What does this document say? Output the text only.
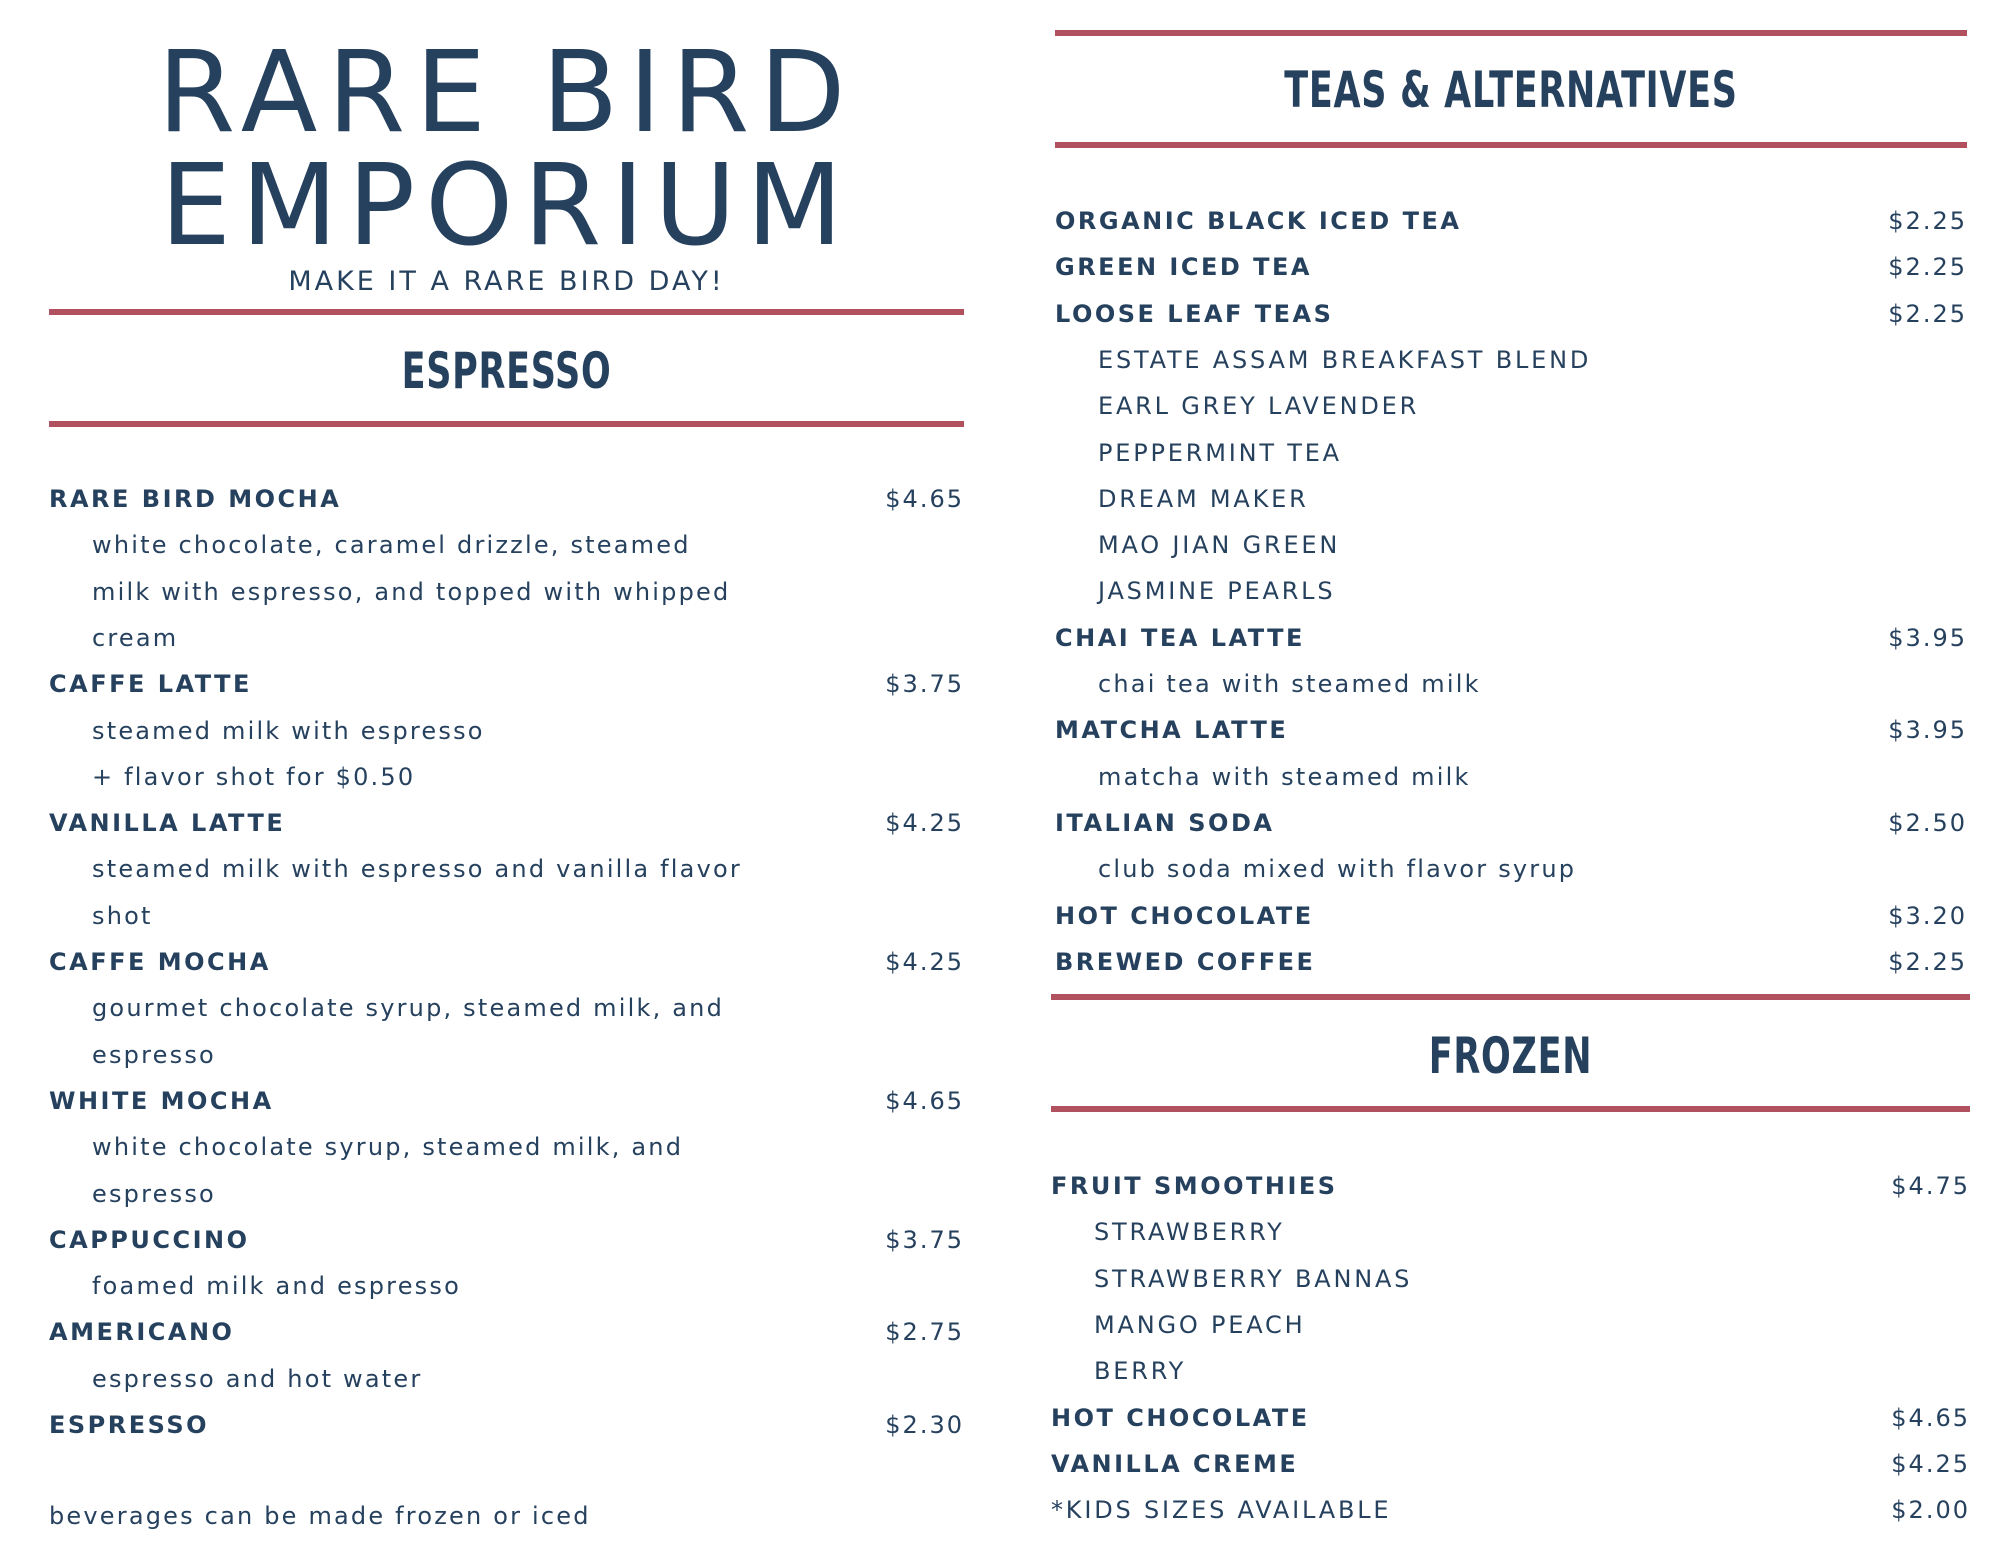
RARE BIRD
EMPORIUM
MAKE IT A RARE BIRD DAY!
ESPRESSO
RARE BIRD MOCHA	$4.65
white chocolate, caramel drizzle, steamed
milk with espresso, and topped with whipped
cream
CAFFE LATTE	$3.75
steamed milk with espresso
+ flavor shot for $0.50
VANILLA LATTE	$4.25
steamed milk with espresso and vanilla flavor
shot
CAFFE MOCHA	$4.25
gourmet chocolate syrup, steamed milk, and
espresso
WHITE MOCHA	$4.65
white chocolate syrup, steamed milk, and
espresso
CAPPUCCINO	$3.75
foamed milk and espresso
AMERICANO	$2.75
espresso and hot water
ESPRESSO	$2.30
beverages can be made frozen or iced
TEAS & ALTERNATIVES
ORGANIC BLACK ICED TEA	$2.25
GREEN ICED TEA	$2.25
LOOSE LEAF TEAS	$2.25
ESTATE ASSAM BREAKFAST BLEND
EARL GREY LAVENDER
PEPPERMINT TEA
DREAM MAKER
MAO JIAN GREEN
JASMINE PEARLS
CHAI TEA LATTE	$3.95
chai tea with steamed milk
MATCHA LATTE	$3.95
matcha with steamed milk
ITALIAN SODA	$2.50
club soda mixed with flavor syrup
HOT CHOCOLATE	$3.20
BREWED COFFEE	$2.25
FROZEN
FRUIT SMOOTHIES	$4.75
STRAWBERRY
STRAWBERRY BANNAS
MANGO PEACH
BERRY
HOT CHOCOLATE	$4.65
VANILLA CREME	$4.25
*KIDS SIZES AVAILABLE	$2.00
